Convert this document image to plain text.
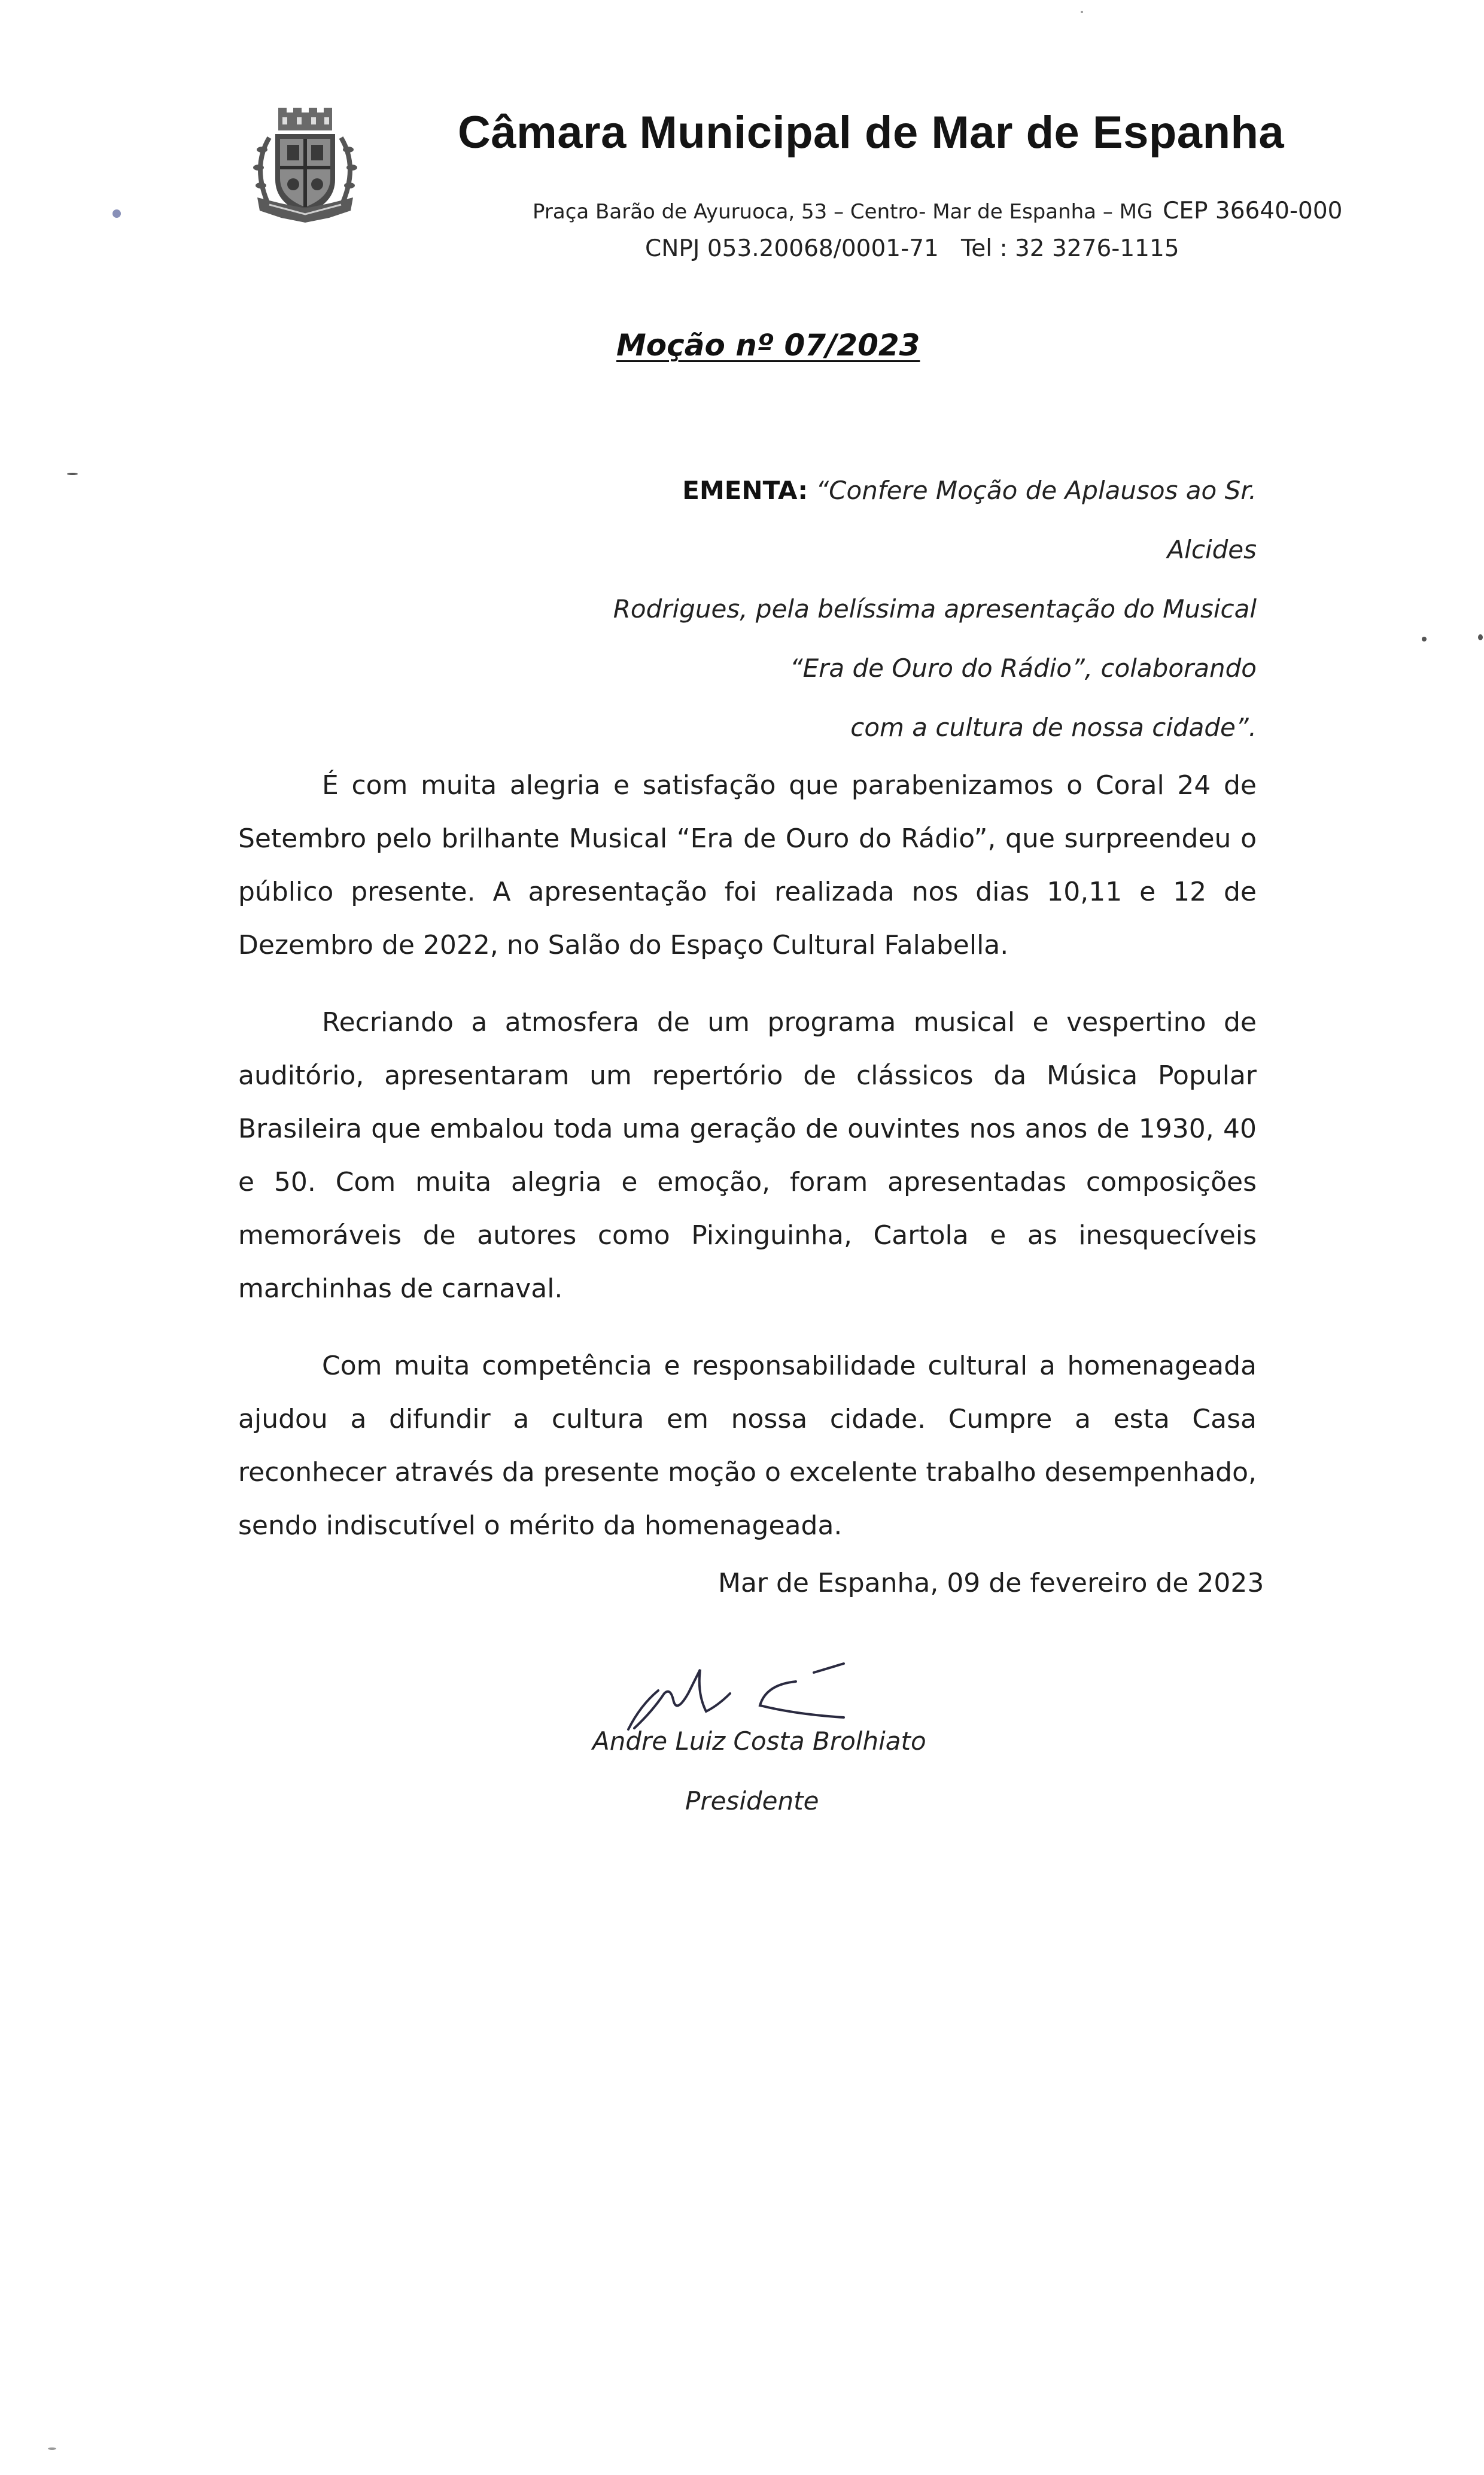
Câmara Municipal de Mar de Espanha
Praça Barão de Ayuruoca, 53 – Centro- Mar de Espanha – MG CEP 36640-000
CNPJ 053.20068/0001-71 Tel : 32 3276-1115
Moção nº 07/2023
EMENTA: “Confere Moção de Aplausos ao Sr. Alcides
Rodrigues, pela belíssima apresentação do Musical
“Era de Ouro do Rádio”, colaborando
com a cultura de nossa cidade”.

É com muita alegria e satisfação que parabenizamos o Coral 24 de Setembro pelo brilhante Musical “Era de Ouro do Rádio”, que surpreendeu o público presente. A apresentação foi realizada nos dias 10,11 e 12 de Dezembro de 2022, no Salão do Espaço Cultural Falabella.

Recriando a atmosfera de um programa musical e vespertino de auditório, apresentaram um repertório de clássicos da Música Popular Brasileira que embalou toda uma geração de ouvintes nos anos de 1930, 40 e 50. Com muita alegria e emoção, foram apresentadas composições memoráveis de autores como Pixinguinha, Cartola e as inesquecíveis marchinhas de carnaval.

Com muita competência e responsabilidade cultural a homenageada ajudou a difundir a cultura em nossa cidade. Cumpre a esta Casa reconhecer através da presente moção o excelente trabalho desempenhado, sendo indiscutível o mérito da homenageada.

Mar de Espanha, 09 de fevereiro de 2023
Andre Luiz Costa Brolhiato
Presidente
